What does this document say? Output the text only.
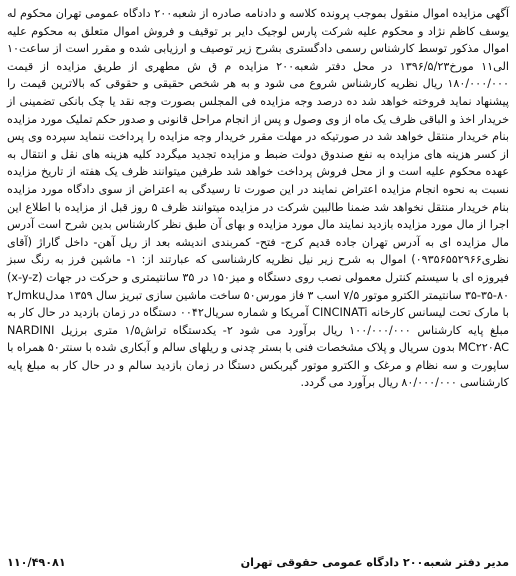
آگهی مزایده اموال منقول بموجب پرونده کلاسه و دادنامه صادره از شعبه۲۰۰ دادگاه عمومی تهران محکوم له یوسف کاظم نژاد و محکوم علیه شرکت پارس لوجیک دایر بر توقیف و فروش اموال متعلق به محکوم علیه اموال مذکور توسط کارشناس رسمی دادگستری بشرح زیر توصیف و ارزیابی شده و مقرر است از ساعت۱۰ الی۱۱ مورخ۱۳۹۶/۵/۲۳ در محل دفتر شعبه۲۰۰ مزایده م ق ش مطهری از طریق مزایده از قیمت ۱۸۰/۰۰۰/۰۰۰ ریال نظریه کارشناس شروع می شود و به هر شخص حقیقی و حقوقی که بالاترین قیمت را پیشنهاد نماید فروخته خواهد شد ده درصد وجه مزایده فی المجلس بصورت وجه نقد یا چک بانکی تضمینی از خریدار اخذ و الباقی ظرف یک ماه از وی وصول و پس از انجام مراحل قانونی و صدور حکم تملیک مورد مزایده بنام خریدار منتقل خواهد شد در صورتیکه در مهلت مقرر خریدار وجه مزایده را پرداخت ننماید سپرده وی پس از کسر هزینه های مزایده به نفع صندوق دولت ضبط و مزایده تجدید میگردد کلیه هزینه های نقل و انتقال به عهده محکوم علیه است و از محل فروش پرداخت خواهد شد طرفین میتوانند ظرف یک هفته از تاریخ مزایده نسبت به نحوه انجام مزایده اعتراض نمایند در این صورت تا رسیدگی به اعتراض از سوی دادگاه مورد مزایده بنام خریدار منتقل نخواهد شد ضمنا طالبین شرکت در مزایده میتوانند ظرف ۵ روز قبل از مزایده با اطلاع این اجرا از مال مورد مزایده بازدید نمایند مال مورد مزایده و بهای آن طبق نظر کارشناس بدین شرح است آدرس مال مزایده ای به آدرس تهران جاده قدیم کرج- فتح- کمربندی اندیشه بعد از ریل آهن- داخل گاراژ (آقای نظری۰۹۳۵۶۵۵۲۹۶۶) اموال به شرح زیر نیل نظریه کارشناسی که عبارتند از: ۱- ماشین فرز به رنگ سبز فیروزه ای با سیستم کنترل معمولی نصب روی دستگاه و میز۱۵۰ در ۳۵ سانتیمتری و حرکت در جهات (x-y-z) ۳۵-۳۵-۸۰ سانتیمتر الکترو موتور ۷/۵ اسب ۳ فاز مورس۵۰ ساخت ماشین سازی تبریز سال ۱۳۵۹ مدلmkuل۲ با مارک تحت لیسانس کارخانه CINCINATi آمریکا و شماره سریال۰۰۴۲ دستگاه در زمان بازدید در حال کار به مبلغ پایه کارشناس ۱۰۰/۰۰۰/۰۰۰ ریال برآورد می شود ۲- یکدستگاه تراش۱/۵ متری برزیل NARDINI MC۲۲۰AC بدون سریال و پلاک مشخصات فنی با بستر چدنی و ریلهای سالم و آبکاری شده با سنتر۵۰ همراه با ساپورت و سه نظام و مرغک و الکترو موتور گیربکس دستگا در زمان بازدید سالم و در حال کار به مبلغ پایه کارشناسی ۸۰/۰۰۰/۰۰۰ ریال برآورد می گردد.

مدیر دفتر شعبه۲۰۰ دادگاه عمومی حقوقی تهران
۱۱۰/۴۹۰۸۱
